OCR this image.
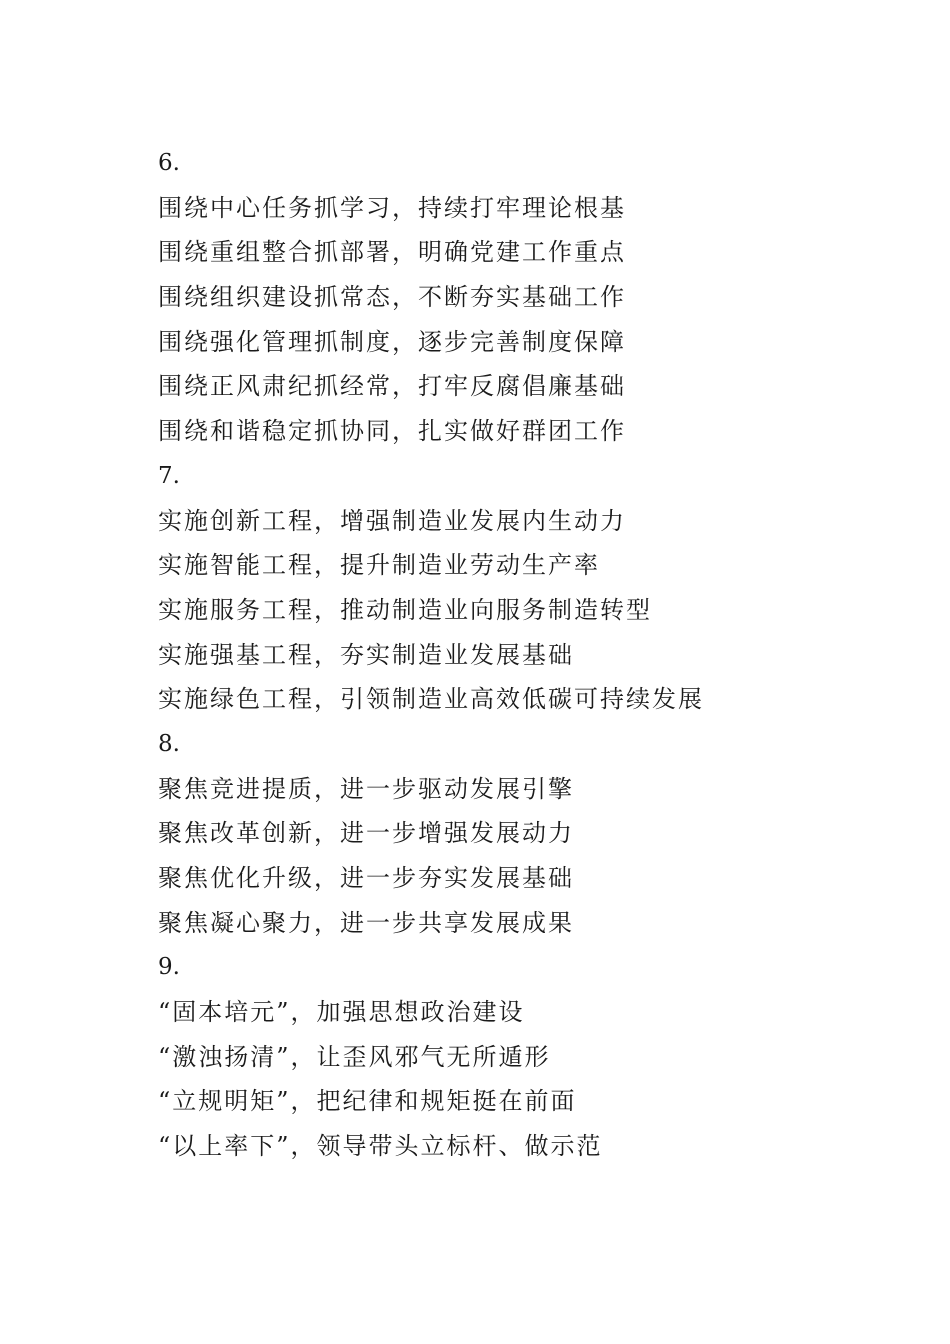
6.
围绕中心任务抓学习，持续打牢理论根基
围绕重组整合抓部署，明确党建工作重点
围绕组织建设抓常态，不断夯实基础工作
围绕强化管理抓制度，逐步完善制度保障
围绕正风肃纪抓经常，打牢反腐倡廉基础
围绕和谐稳定抓协同，扎实做好群团工作
7.
实施创新工程，增强制造业发展内生动力
实施智能工程，提升制造业劳动生产率
实施服务工程，推动制造业向服务制造转型
实施强基工程，夯实制造业发展基础
实施绿色工程，引领制造业高效低碳可持续发展
8.
聚焦竞进提质，进一步驱动发展引擎
聚焦改革创新，进一步增强发展动力
聚焦优化升级，进一步夯实发展基础
聚焦凝心聚力，进一步共享发展成果
9.
“固本培元”，加强思想政治建设
“激浊扬清”，让歪风邪气无所遁形
“立规明矩”，把纪律和规矩挺在前面
“以上率下”，领导带头立标杆、做示范
